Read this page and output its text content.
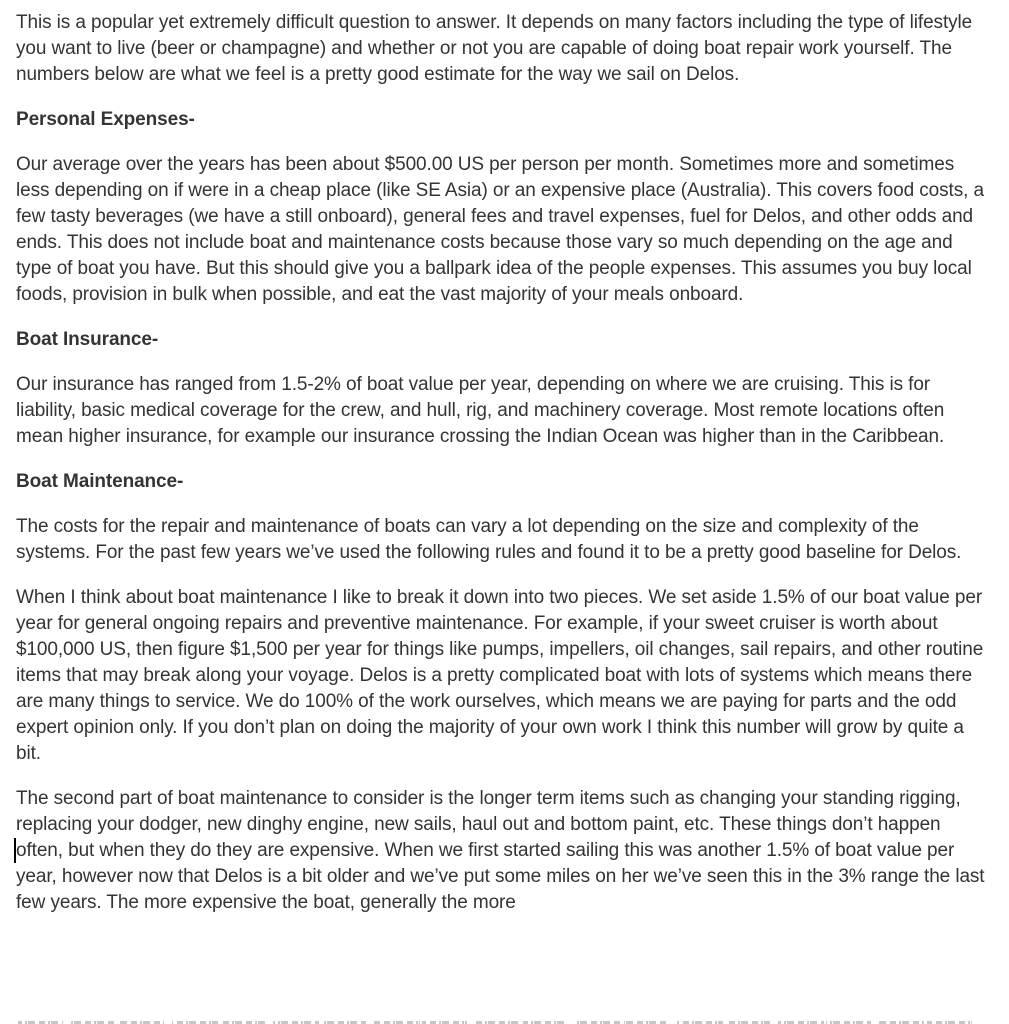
This is a popular yet extremely difficult question to answer. It depends on many factors including the type of lifestyle you want to live (beer or champagne) and whether or not you are capable of doing boat repair work yourself. The numbers below are what we feel is a pretty good estimate for the way we sail on Delos.

Personal Expenses-

Our average over the years has been about $500.00 US per person per month. Sometimes more and sometimes less depending on if were in a cheap place (like SE Asia) or an expensive place (Australia). This covers food costs, a few tasty beverages (we have a still onboard), general fees and travel expenses, fuel for Delos, and other odds and ends. This does not include boat and maintenance costs because those vary so much depending on the age and type of boat you have. But this should give you a ballpark idea of the people expenses. This assumes you buy local foods, provision in bulk when possible, and eat the vast majority of your meals onboard.

Boat Insurance-

Our insurance has ranged from 1.5-2% of boat value per year, depending on where we are cruising. This is for liability, basic medical coverage for the crew, and hull, rig, and machinery coverage. Most remote locations often mean higher insurance, for example our insurance crossing the Indian Ocean was higher than in the Caribbean.

Boat Maintenance-

The costs for the repair and maintenance of boats can vary a lot depending on the size and complexity of the systems. For the past few years we’ve used the following rules and found it to be a pretty good baseline for Delos.

When I think about boat maintenance I like to break it down into two pieces. We set aside 1.5% of our boat value per year for general ongoing repairs and preventive maintenance. For example, if your sweet cruiser is worth about $100,000 US, then figure $1,500 per year for things like pumps, impellers, oil changes, sail repairs, and other routine items that may break along your voyage. Delos is a pretty complicated boat with lots of systems which means there are many things to service. We do 100% of the work ourselves, which means we are paying for parts and the odd expert opinion only. If you don’t plan on doing the majority of your own work I think this number will grow by quite a bit.

The second part of boat maintenance to consider is the longer term items such as changing your standing rigging, replacing your dodger, new dinghy engine, new sails, haul out and bottom paint, etc. These things don’t happen often, but when they do they are expensive. When we first started sailing this was another 1.5% of boat value per year, however now that Delos is a bit older and we’ve put some miles on her we’ve seen this in the 3% range the last few years. The more expensive the boat, generally the more
